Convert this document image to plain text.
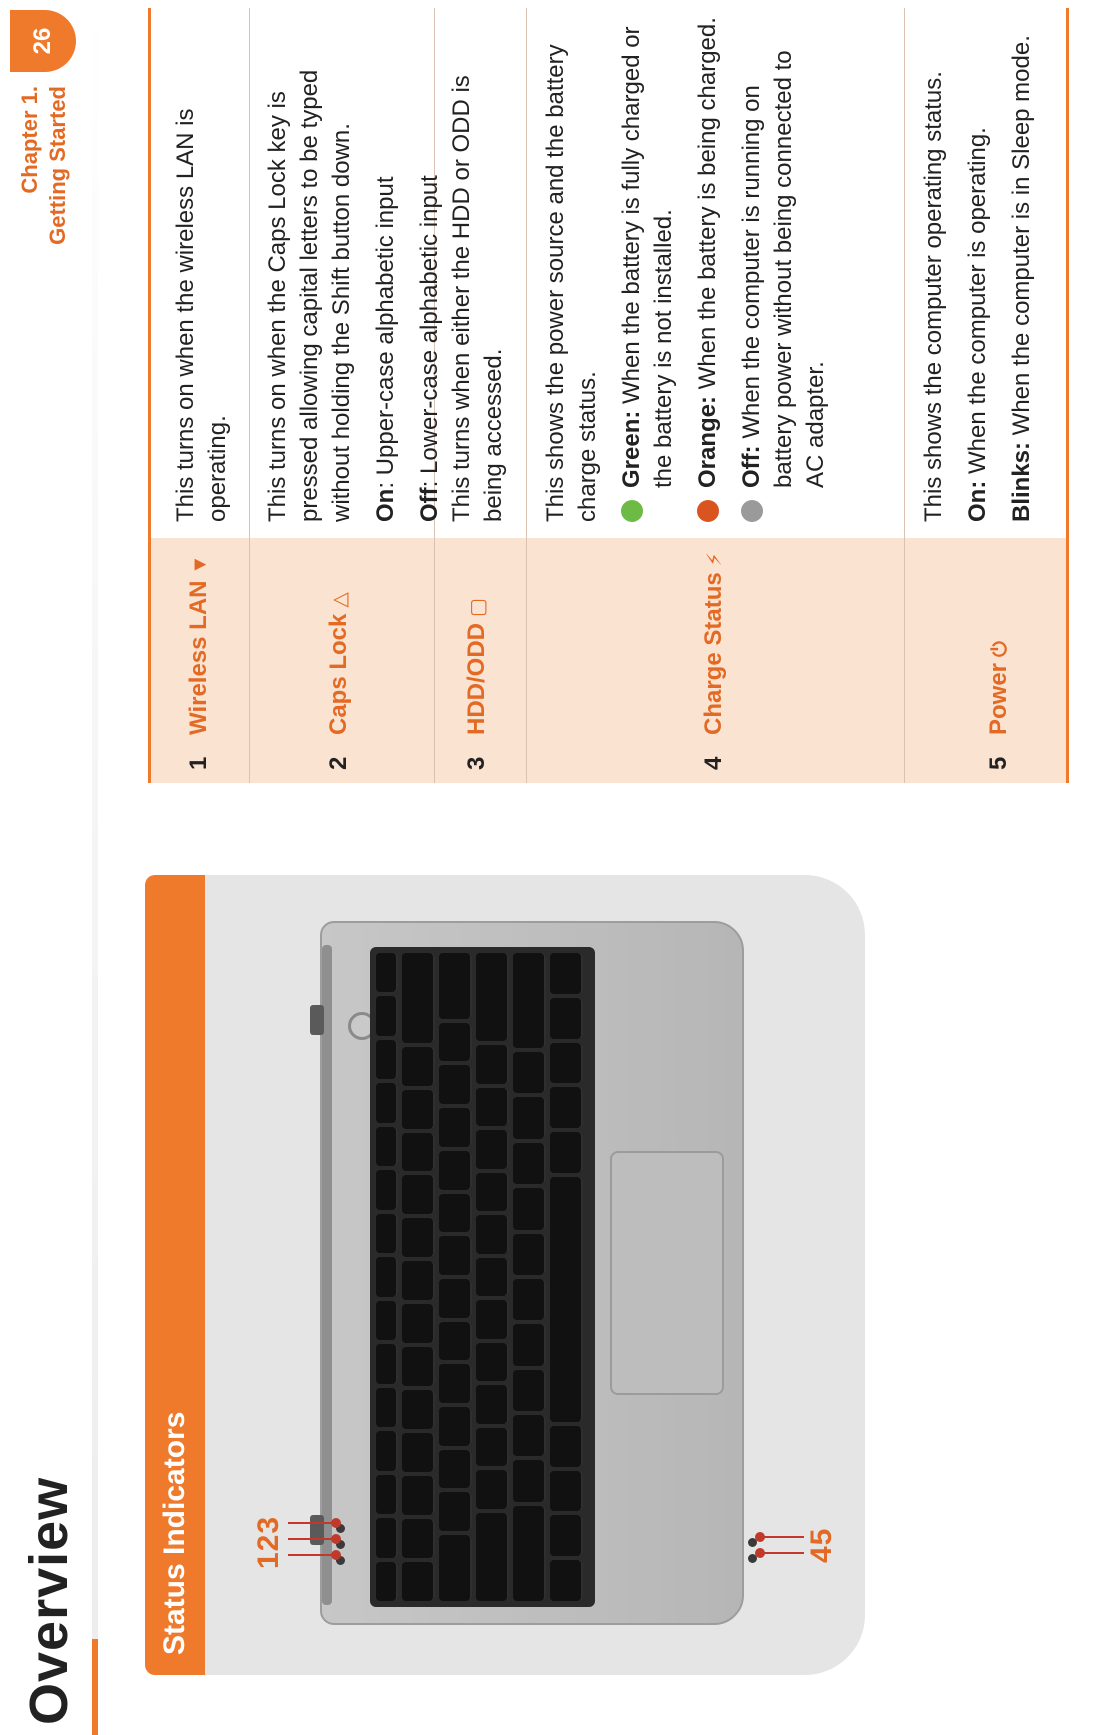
Overview
Chapter 1. Getting Started
26
Status Indicators	123	45
1
Wireless LAN▼

This turns on when the wireless LAN is operating.

2
Caps Lock△

This turns on when the Caps Lock key is pressed allowing capital letters to be typed without holding the Shift button down. On: Upper-case alphabetic input

Off: Lower-case alphabetic input

3
HDD/ODD▢

This turns when either the HDD or ODD is being accessed.

4
Charge Status⚡

This shows the power source and the battery charge status. Green: When the battery is fully charged or the battery is not installed. Orange: When the battery is being charged.
Off: When the computer is running on battery power without being connected to AC adapter.
5
Power⏻

This shows the computer operating status. On: When the computer is operating.

Blinks: When the computer is in Sleep mode.
